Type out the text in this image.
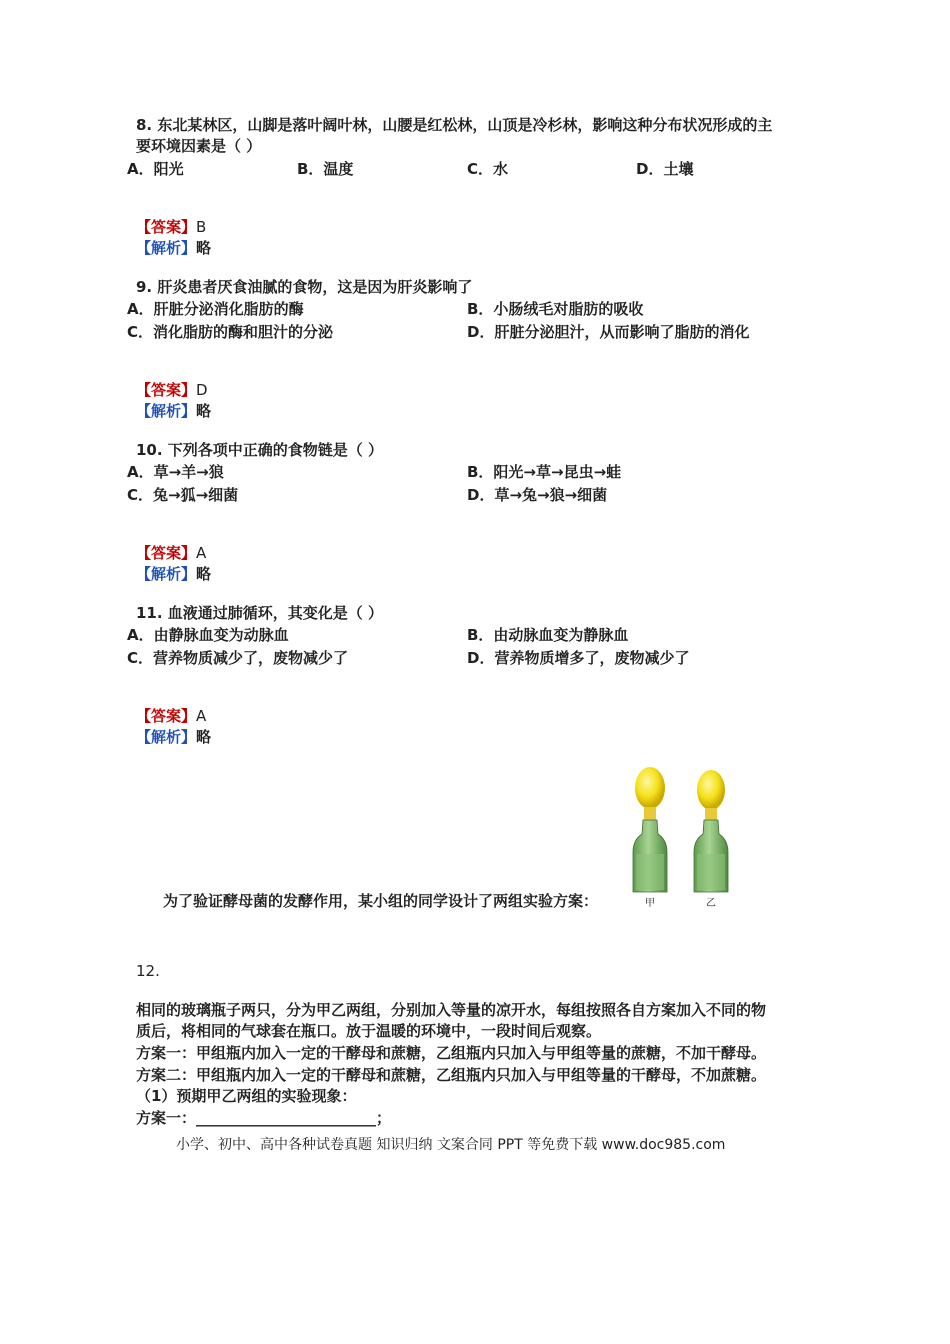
8. 东北某林区，山脚是落叶阔叶林，山腰是红松林，山顶是冷杉林，影响这种分布状况形成的主
要环境因素是（ ）
A．阳光	B．温度	C．水	D．土壤
【答案】B
【解析】略
9. 肝炎患者厌食油腻的食物，这是因为肝炎影响了
A．肝脏分泌消化脂肪的酶	B．小肠绒毛对脂肪的吸收
C．消化脂肪的酶和胆汁的分泌	D．肝脏分泌胆汁，从而影响了脂肪的消化
【答案】D
【解析】略
10. 下列各项中正确的食物链是（ ）
A．草→羊→狼	B．阳光→草→昆虫→蛙
C．兔→狐→细菌	D．草→兔→狼→细菌
【答案】A
【解析】略
11. 血液通过肺循环，其变化是（ ）
A．由静脉血变为动脉血	B．由动脉血变为静脉血
C．营养物质减少了，废物减少了	D．营养物质增多了，废物减少了
【答案】A
【解析】略
甲	乙
为了验证酵母菌的发酵作用，某小组的同学设计了两组实验方案：
12.
相同的玻璃瓶子两只，分为甲乙两组，分别加入等量的凉开水，每组按照各自方案加入不同的物
质后，将相同的气球套在瓶口。放于温暖的环境中，一段时间后观察。
方案一：甲组瓶内加入一定的干酵母和蔗糖，乙组瓶内只加入与甲组等量的蔗糖，不加干酵母。
方案二：甲组瓶内加入一定的干酵母和蔗糖，乙组瓶内只加入与甲组等量的干酵母，不加蔗糖。
（1）预期甲乙两组的实验现象：
方案一：________________________；
小学、初中、高中各种试卷真题 知识归纳 文案合同 PPT 等免费下载 www.doc985.com
